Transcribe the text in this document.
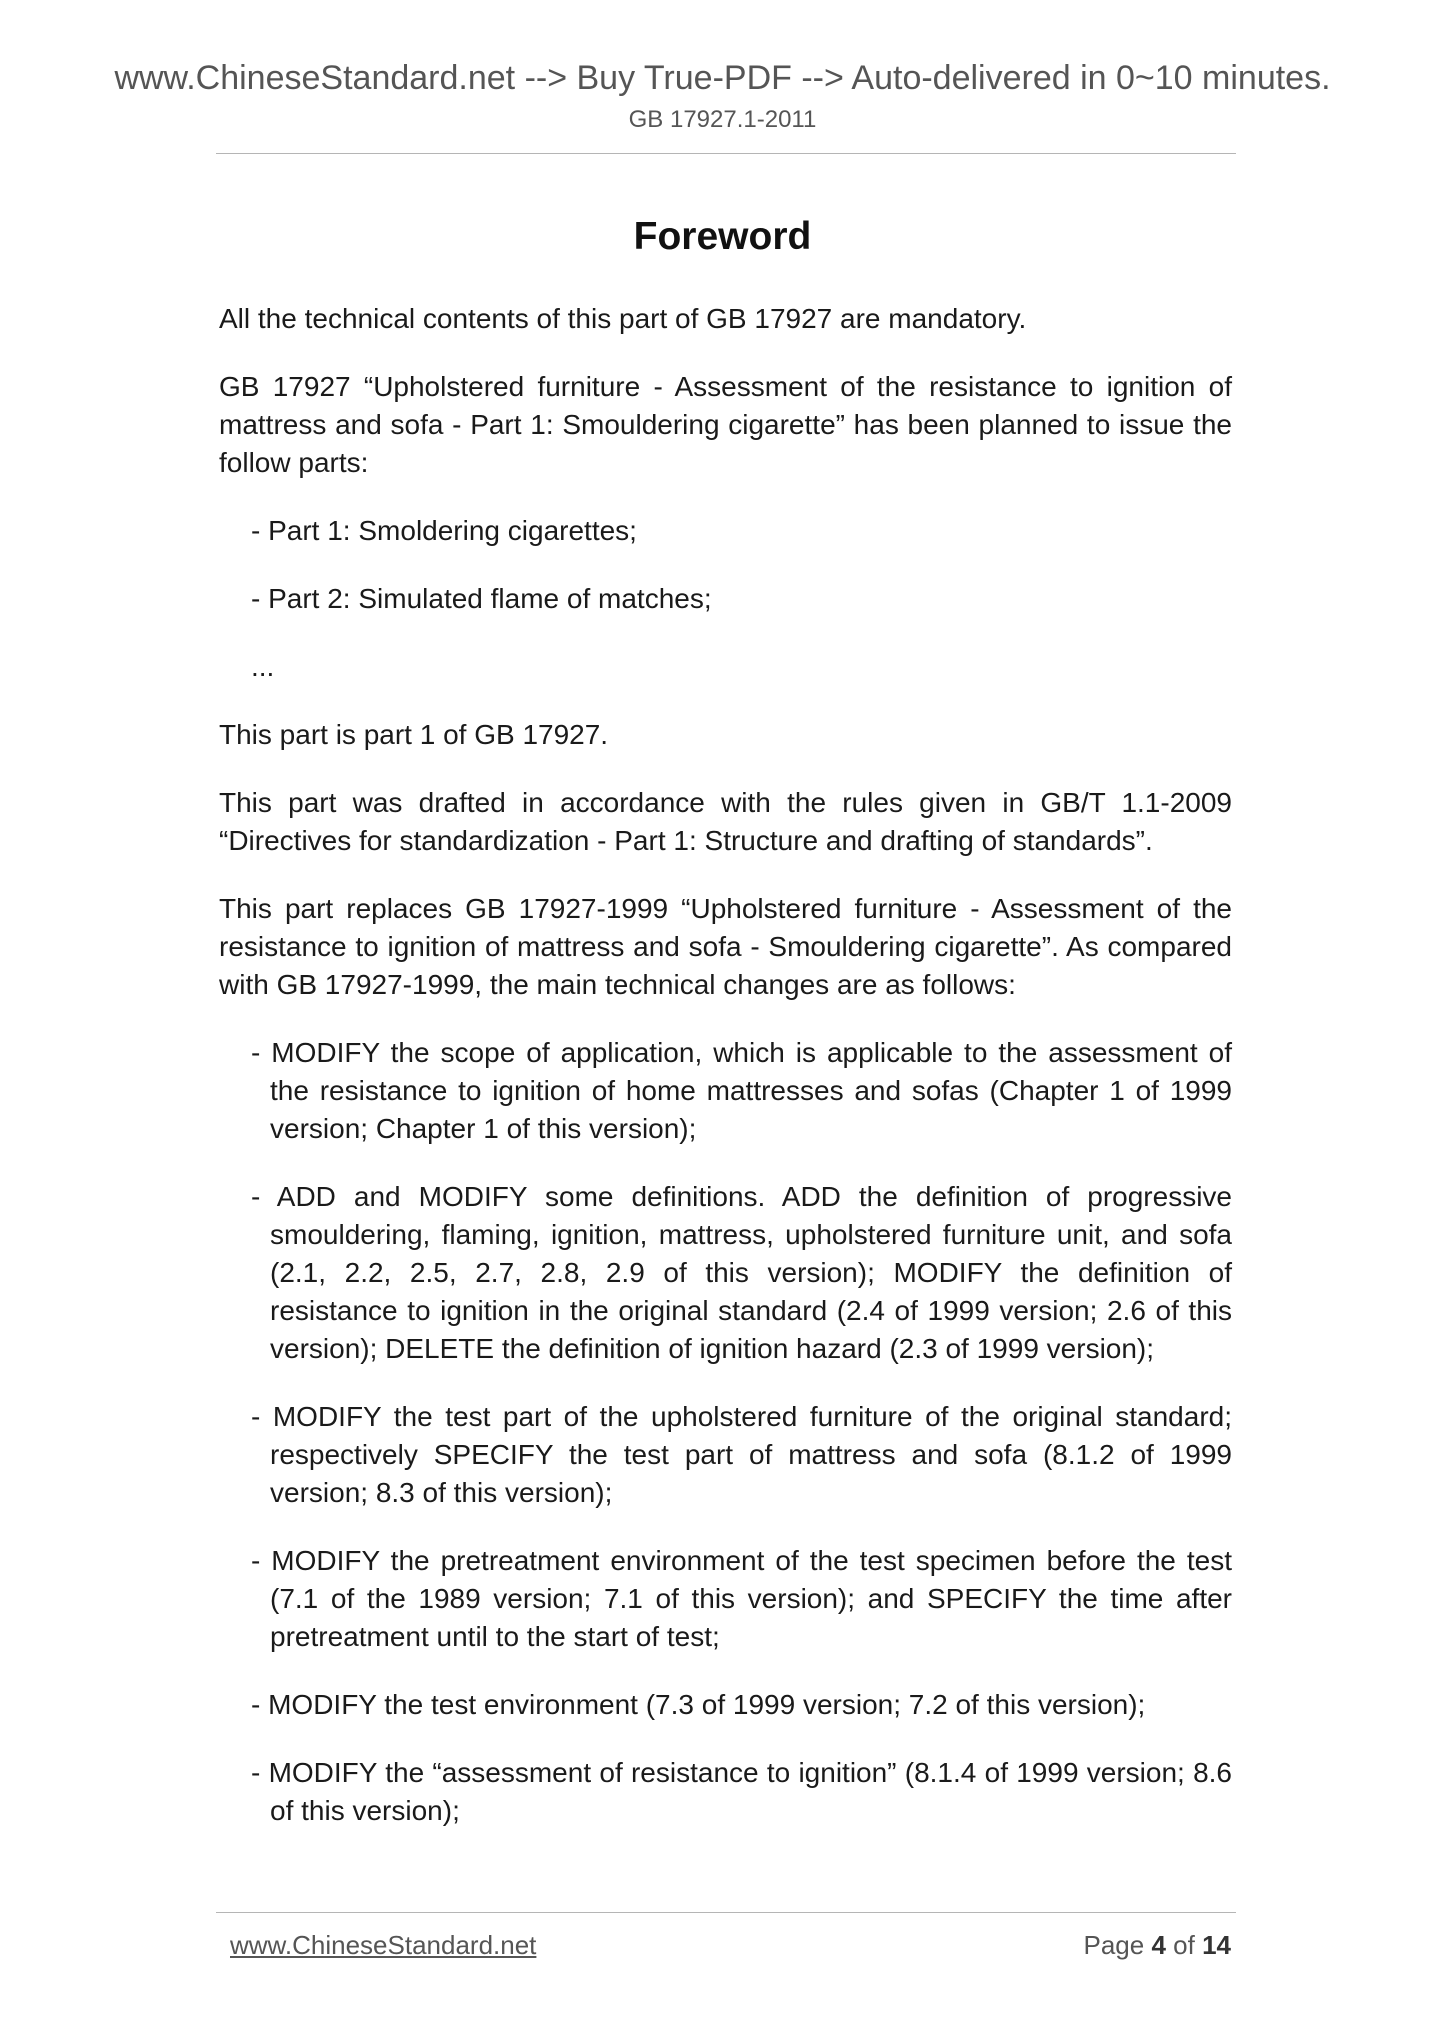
www.ChineseStandard.net --> Buy True-PDF --> Auto-delivered in 0~10 minutes.
GB 17927.1-2011
Foreword

All the technical contents of this part of GB 17927 are mandatory.

GB 17927 “Upholstered furniture - Assessment of the resistance to ignition of mattress and sofa - Part 1: Smouldering cigarette” has been planned to issue the follow parts:

- Part 1: Smoldering cigarettes;
- Part 2: Simulated flame of matches;
...

This part is part 1 of GB 17927.

This part was drafted in accordance with the rules given in GB/T 1.1-2009 “Directives for standardization - Part 1: Structure and drafting of standards”.

This part replaces GB 17927-1999 “Upholstered furniture - Assessment of the resistance to ignition of mattress and sofa - Smouldering cigarette”. As compared with GB 17927-1999, the main technical changes are as follows:

- MODIFY the scope of application, which is applicable to the assessment of the resistance to ignition of home mattresses and sofas (Chapter 1 of 1999 version; Chapter 1 of this version);
- ADD and MODIFY some definitions. ADD the definition of progressive smouldering, flaming, ignition, mattress, upholstered furniture unit, and sofa (2.1, 2.2, 2.5, 2.7, 2.8, 2.9 of this version); MODIFY the definition of resistance to ignition in the original standard (2.4 of 1999 version; 2.6 of this version); DELETE the definition of ignition hazard (2.3 of 1999 version);
- MODIFY the test part of the upholstered furniture of the original standard; respectively SPECIFY the test part of mattress and sofa (8.1.2 of 1999 version; 8.3 of this version);
- MODIFY the pretreatment environment of the test specimen before the test (7.1 of the 1989 version; 7.1 of this version); and SPECIFY the time after pretreatment until to the start of test;
- MODIFY the test environment (7.3 of 1999 version; 7.2 of this version);
- MODIFY the “assessment of resistance to ignition” (8.1.4 of 1999 version; 8.6 of this version);
www.ChineseStandard.net	Page 4 of 14
